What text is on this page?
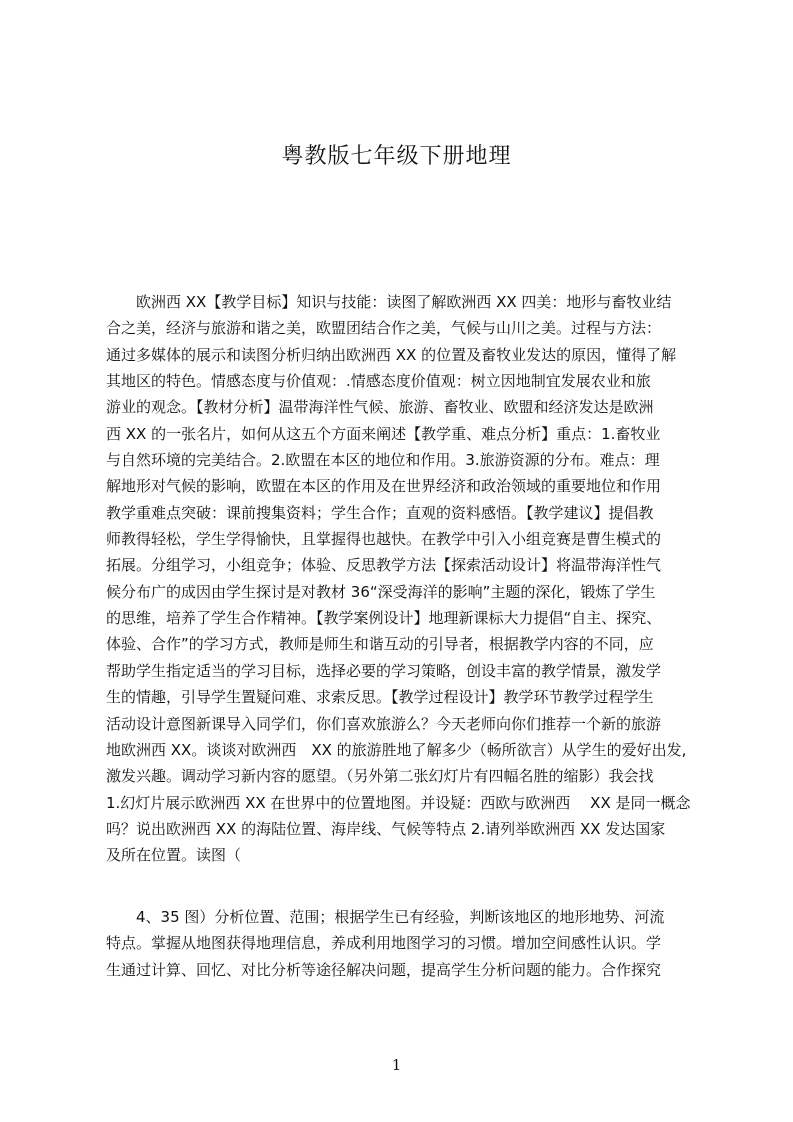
粤教版七年级下册地理
　　欧洲西 XX【教学目标】知识与技能：读图了解欧洲西 XX 四美：地形与畜牧业结
合之美，经济与旅游和谐之美，欧盟团结合作之美，气候与山川之美。过程与方法：
通过多媒体的展示和读图分析归纳出欧洲西 XX 的位置及畜牧业发达的原因，懂得了解
其地区的特色。情感态度与价值观：.情感态度价值观：树立因地制宜发展农业和旅
游业的观念。【教材分析】温带海洋性气候、旅游、畜牧业、欧盟和经济发达是欧洲
西 XX 的一张名片，如何从这五个方面来阐述【教学重、难点分析】重点：1.畜牧业
与自然环境的完美结合。2.欧盟在本区的地位和作用。3.旅游资源的分布。难点：理
解地形对气候的影响，欧盟在本区的作用及在世界经济和政治领域的重要地位和作用
教学重难点突破：课前搜集资料；学生合作；直观的资料感悟。【教学建议】提倡教
师教得轻松，学生学得愉快，且掌握得也越快。在教学中引入小组竞赛是曹生模式的
拓展。分组学习，小组竞争；体验、反思教学方法【探索活动设计】将温带海洋性气
候分布广的成因由学生探讨是对教材 36“深受海洋的影响”主题的深化，锻炼了学生
的思维，培养了学生合作精神。【教学案例设计】地理新课标大力提倡“自主、探究、
体验、合作”的学习方式，教师是师生和谐互动的引导者，根据教学内容的不同，应
帮助学生指定适当的学习目标，选择必要的学习策略，创设丰富的教学情景，激发学
生的情趣，引导学生置疑问难、求索反思。【教学过程设计】教学环节教学过程学生
活动设计意图新课导入同学们，你们喜欢旅游么？今天老师向你们推荐一个新的旅游
地欧洲西 XX。谈谈对欧洲西　XX 的旅游胜地了解多少（畅所欲言）从学生的爱好出发,
激发兴趣。调动学习新内容的愿望。（另外第二张幻灯片有四幅名胜的缩影）我会找
1.幻灯片展示欧洲西 XX 在世界中的位置地图。并设疑：西欧与欧洲西　 XX 是同一概念
吗？说出欧洲西 XX 的海陆位置、海岸线、气候等特点 2.请列举欧洲西 XX 发达国家
及所在位置。读图（
　　4、35 图）分析位置、范围；根据学生已有经验，判断该地区的地形地势、河流
特点。掌握从地图获得地理信息，养成利用地图学习的习惯。增加空间感性认识。学
生通过计算、回忆、对比分析等途径解决问题，提高学生分析问题的能力。合作探究
1
